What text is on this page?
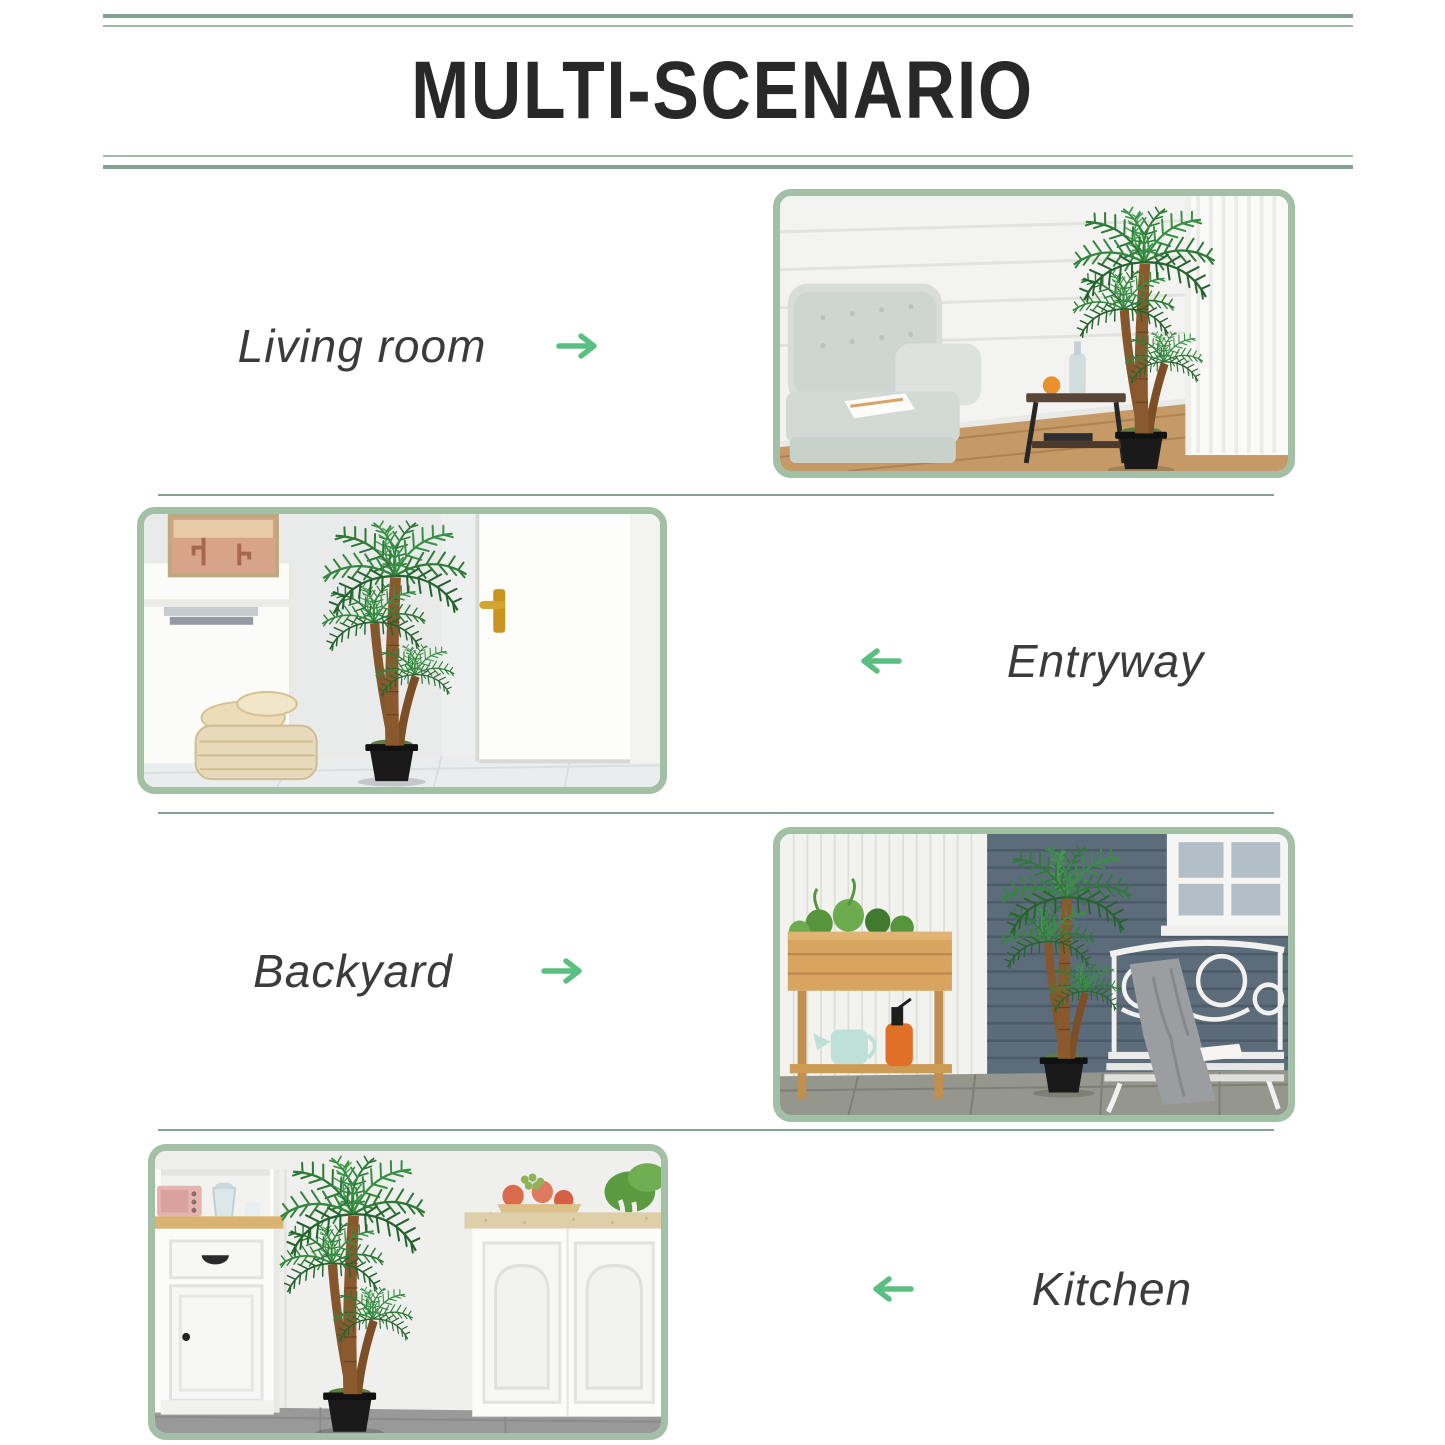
MULTI-SCENARIO
Living room
Entryway
Backyard
Kitchen
